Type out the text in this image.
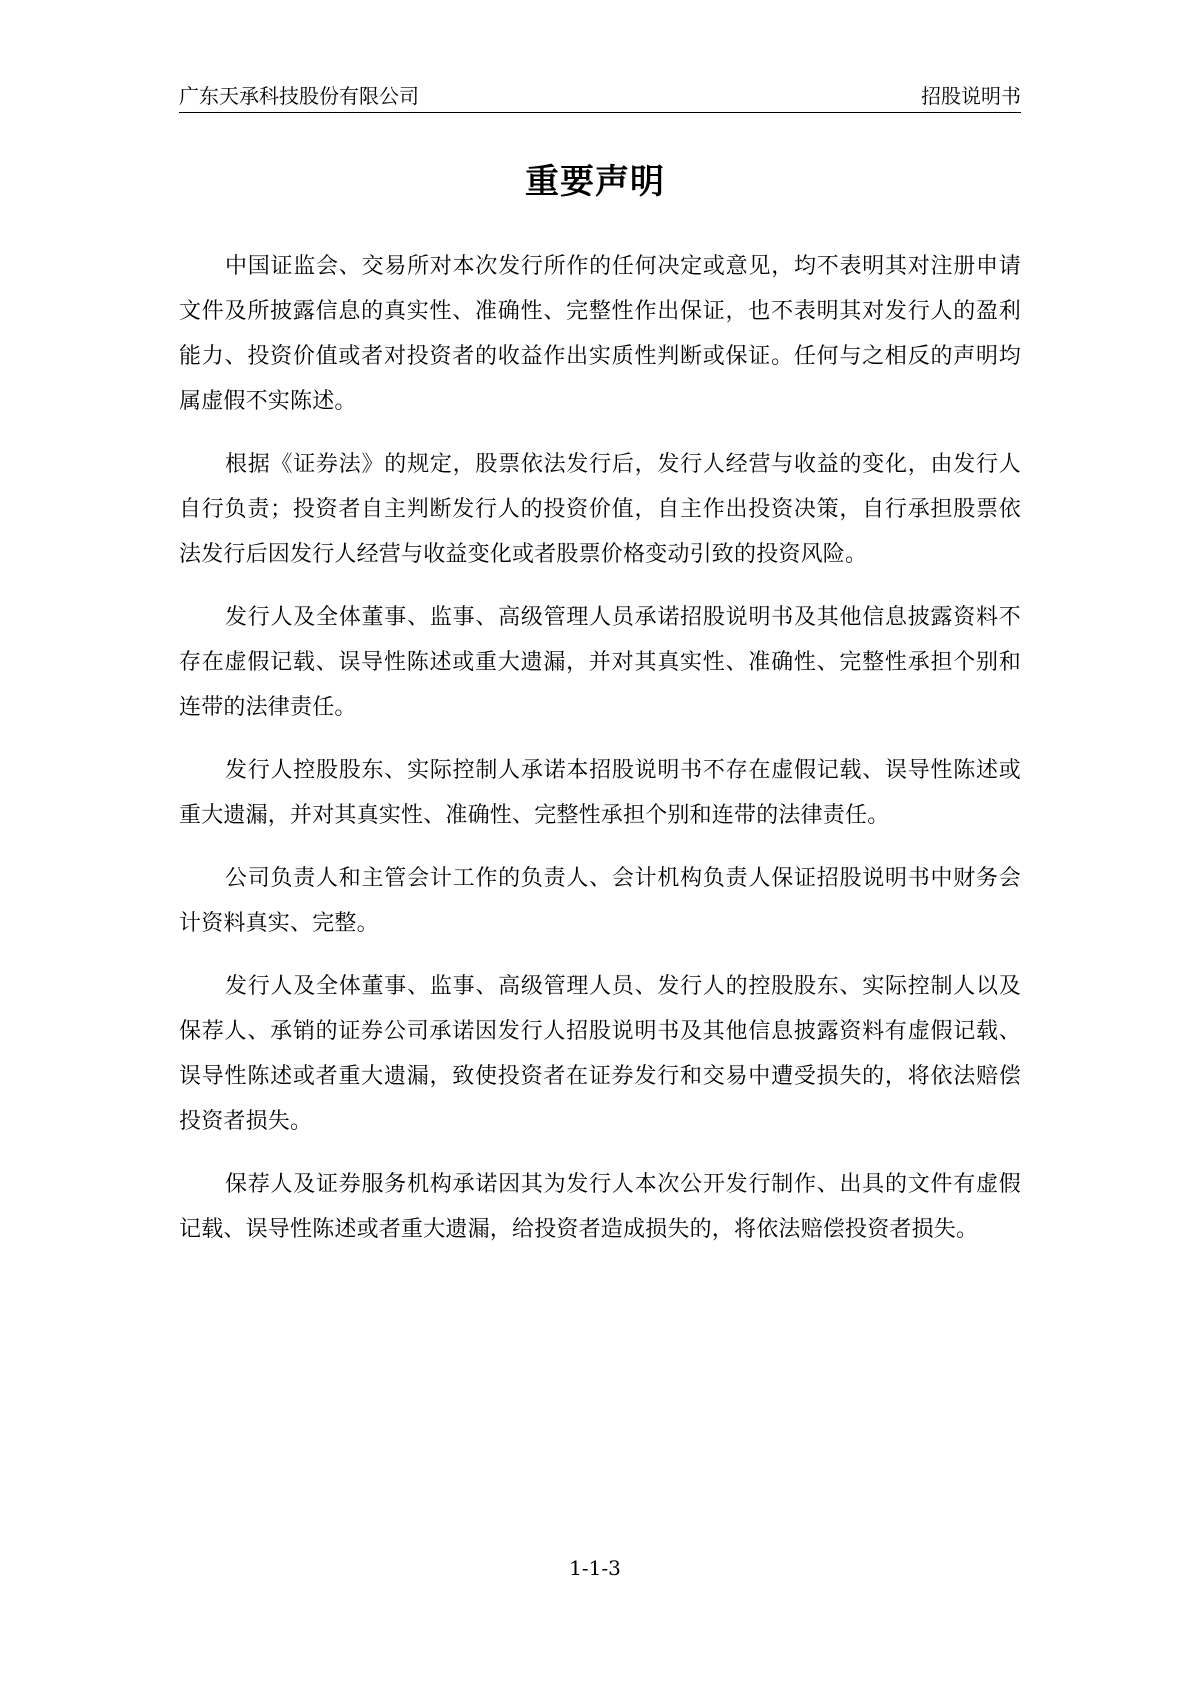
广东天承科技股份有限公司	招股说明书
重要声明

中国证监会、交易所对本次发行所作的任何决定或意见，均不表明其对注册申请文件及所披露信息的真实性、准确性、完整性作出保证，也不表明其对发行人的盈利能力、投资价值或者对投资者的收益作出实质性判断或保证。任何与之相反的声明均属虚假不实陈述。

根据《证券法》的规定，股票依法发行后，发行人经营与收益的变化，由发行人自行负责；投资者自主判断发行人的投资价值，自主作出投资决策，自行承担股票依法发行后因发行人经营与收益变化或者股票价格变动引致的投资风险。

发行人及全体董事、监事、高级管理人员承诺招股说明书及其他信息披露资料不存在虚假记载、误导性陈述或重大遗漏，并对其真实性、准确性、完整性承担个别和连带的法律责任。

发行人控股股东、实际控制人承诺本招股说明书不存在虚假记载、误导性陈述或重大遗漏，并对其真实性、准确性、完整性承担个别和连带的法律责任。

公司负责人和主管会计工作的负责人、会计机构负责人保证招股说明书中财务会计资料真实、完整。

发行人及全体董事、监事、高级管理人员、发行人的控股股东、实际控制人以及保荐人、承销的证券公司承诺因发行人招股说明书及其他信息披露资料有虚假记载、误导性陈述或者重大遗漏，致使投资者在证券发行和交易中遭受损失的，将依法赔偿投资者损失。

保荐人及证券服务机构承诺因其为发行人本次公开发行制作、出具的文件有虚假记载、误导性陈述或者重大遗漏，给投资者造成损失的，将依法赔偿投资者损失。

1-1-3
